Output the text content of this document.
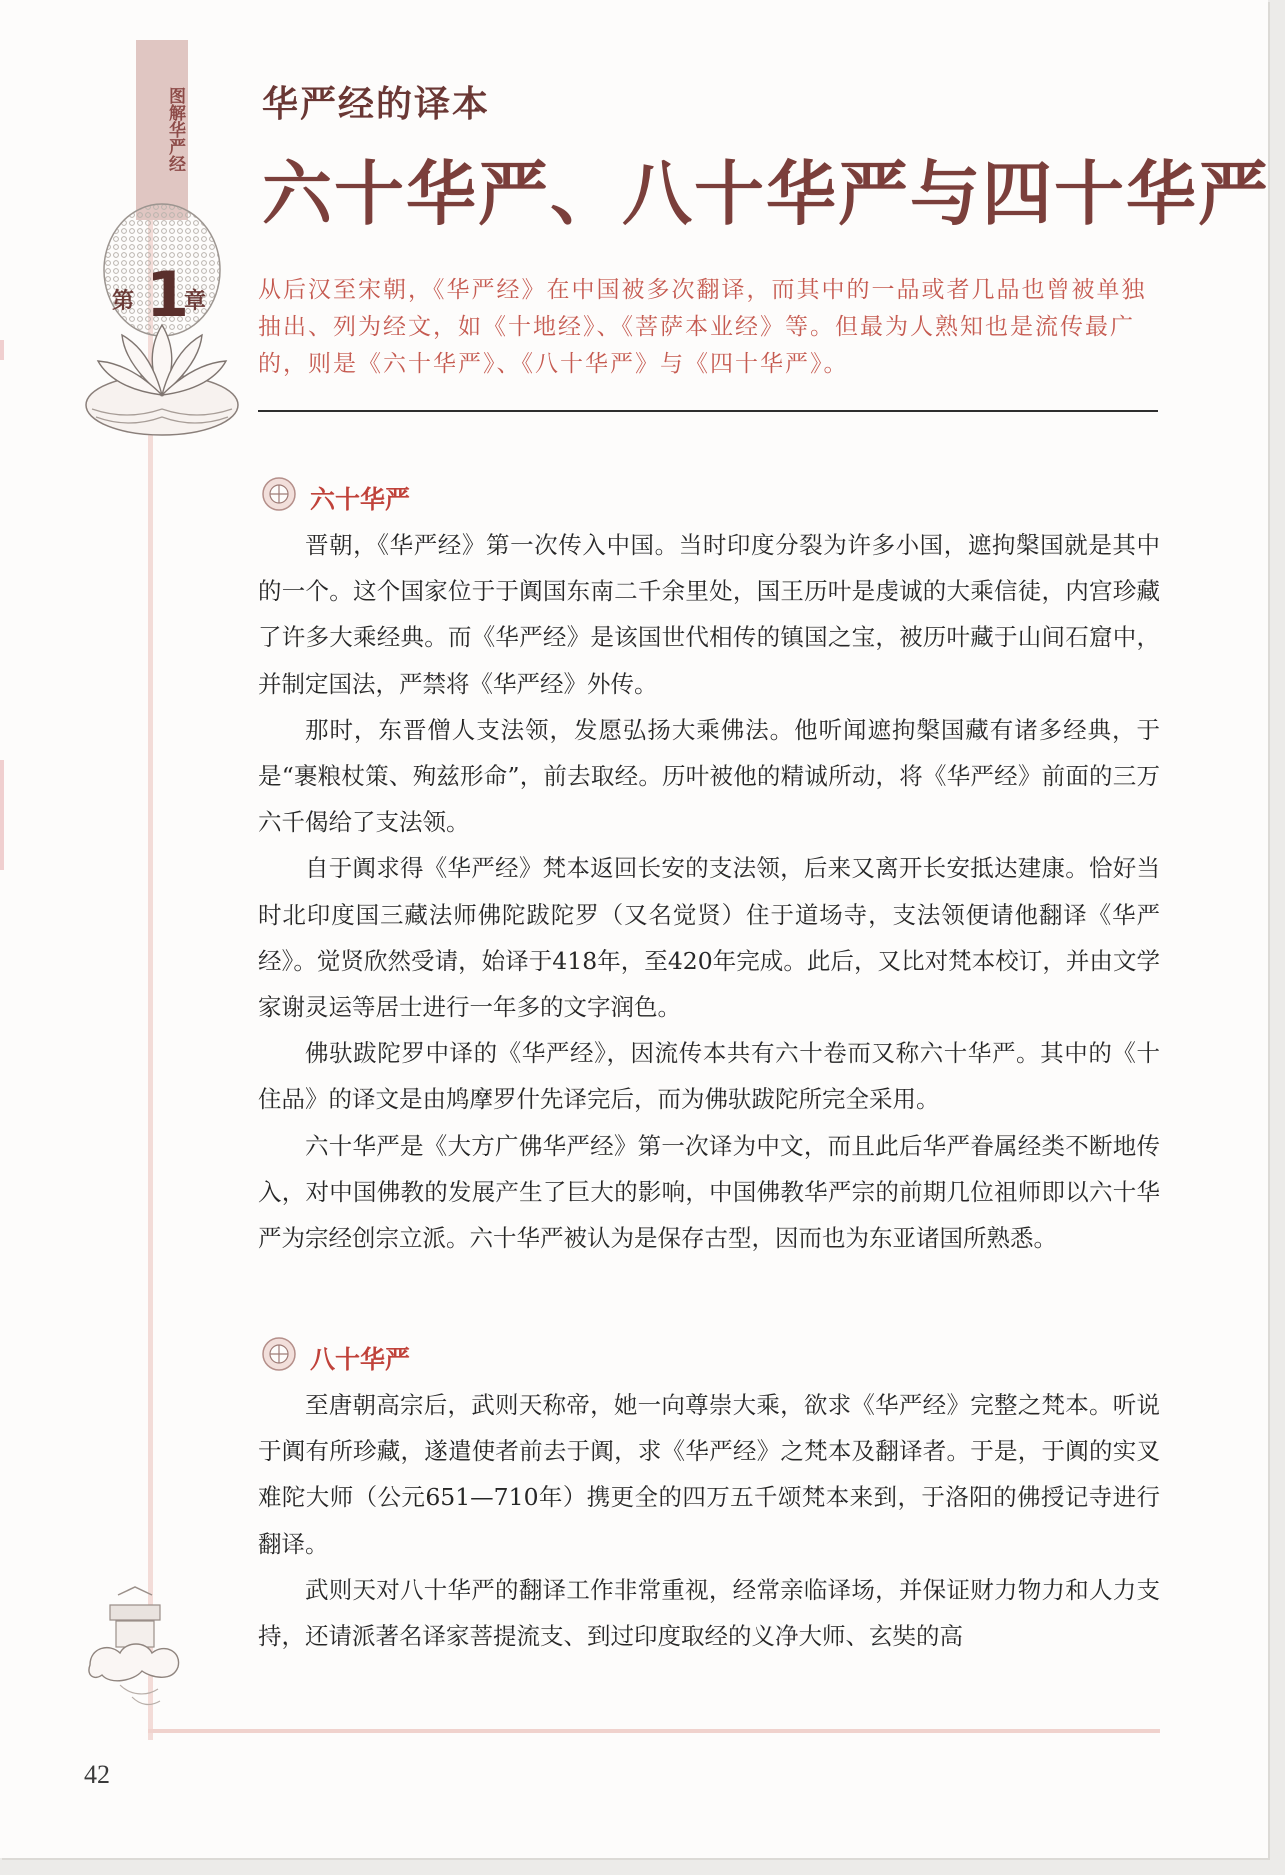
图解华严经
第 1
章
华严经的译本
六十华严、八十华严与四十华严
从后汉至宋朝，《华严经》在中国被多次翻译，而其中的一品或者几品也曾被单独抽出、列为经文，如《十地经》、《菩萨本业经》等。但最为人熟知也是流传最广的，则是《六十华严》、《八十华严》与《四十华严》。
六十华严

晋朝，《华严经》第一次传入中国。当时印度分裂为许多小国，遮拘槃国就是其中的一个。这个国家位于于阗国东南二千余里处，国王历叶是虔诚的大乘信徒，内宫珍藏了许多大乘经典。而《华严经》是该国世代相传的镇国之宝，被历叶藏于山间石窟中，并制定国法，严禁将《华严经》外传。

那时，东晋僧人支法领，发愿弘扬大乘佛法。他听闻遮拘槃国藏有诸多经典，于是“裹粮杖策、殉兹形命”，前去取经。历叶被他的精诚所动，将《华严经》前面的三万六千偈给了支法领。

自于阗求得《华严经》梵本返回长安的支法领，后来又离开长安抵达建康。恰好当时北印度国三藏法师佛陀跋陀罗（又名觉贤）住于道场寺，支法领便请他翻译《华严经》。觉贤欣然受请，始译于418年，至420年完成。此后，又比对梵本校订，并由文学家谢灵运等居士进行一年多的文字润色。

佛驮跋陀罗中译的《华严经》，因流传本共有六十卷而又称六十华严。其中的《十住品》的译文是由鸠摩罗什先译完后，而为佛驮跋陀所完全采用。

六十华严是《大方广佛华严经》第一次译为中文，而且此后华严眷属经类不断地传入，对中国佛教的发展产生了巨大的影响，中国佛教华严宗的前期几位祖师即以六十华严为宗经创宗立派。六十华严被认为是保存古型，因而也为东亚诸国所熟悉。

八十华严

至唐朝高宗后，武则天称帝，她一向尊崇大乘，欲求《华严经》完整之梵本。听说于阗有所珍藏，遂遣使者前去于阗，求《华严经》之梵本及翻译者。于是，于阗的实叉难陀大师（公元651—710年）携更全的四万五千颂梵本来到，于洛阳的佛授记寺进行翻译。

武则天对八十华严的翻译工作非常重视，经常亲临译场，并保证财力物力和人力支持，还请派著名译家菩提流支、到过印度取经的义净大师、玄奘的高

42
